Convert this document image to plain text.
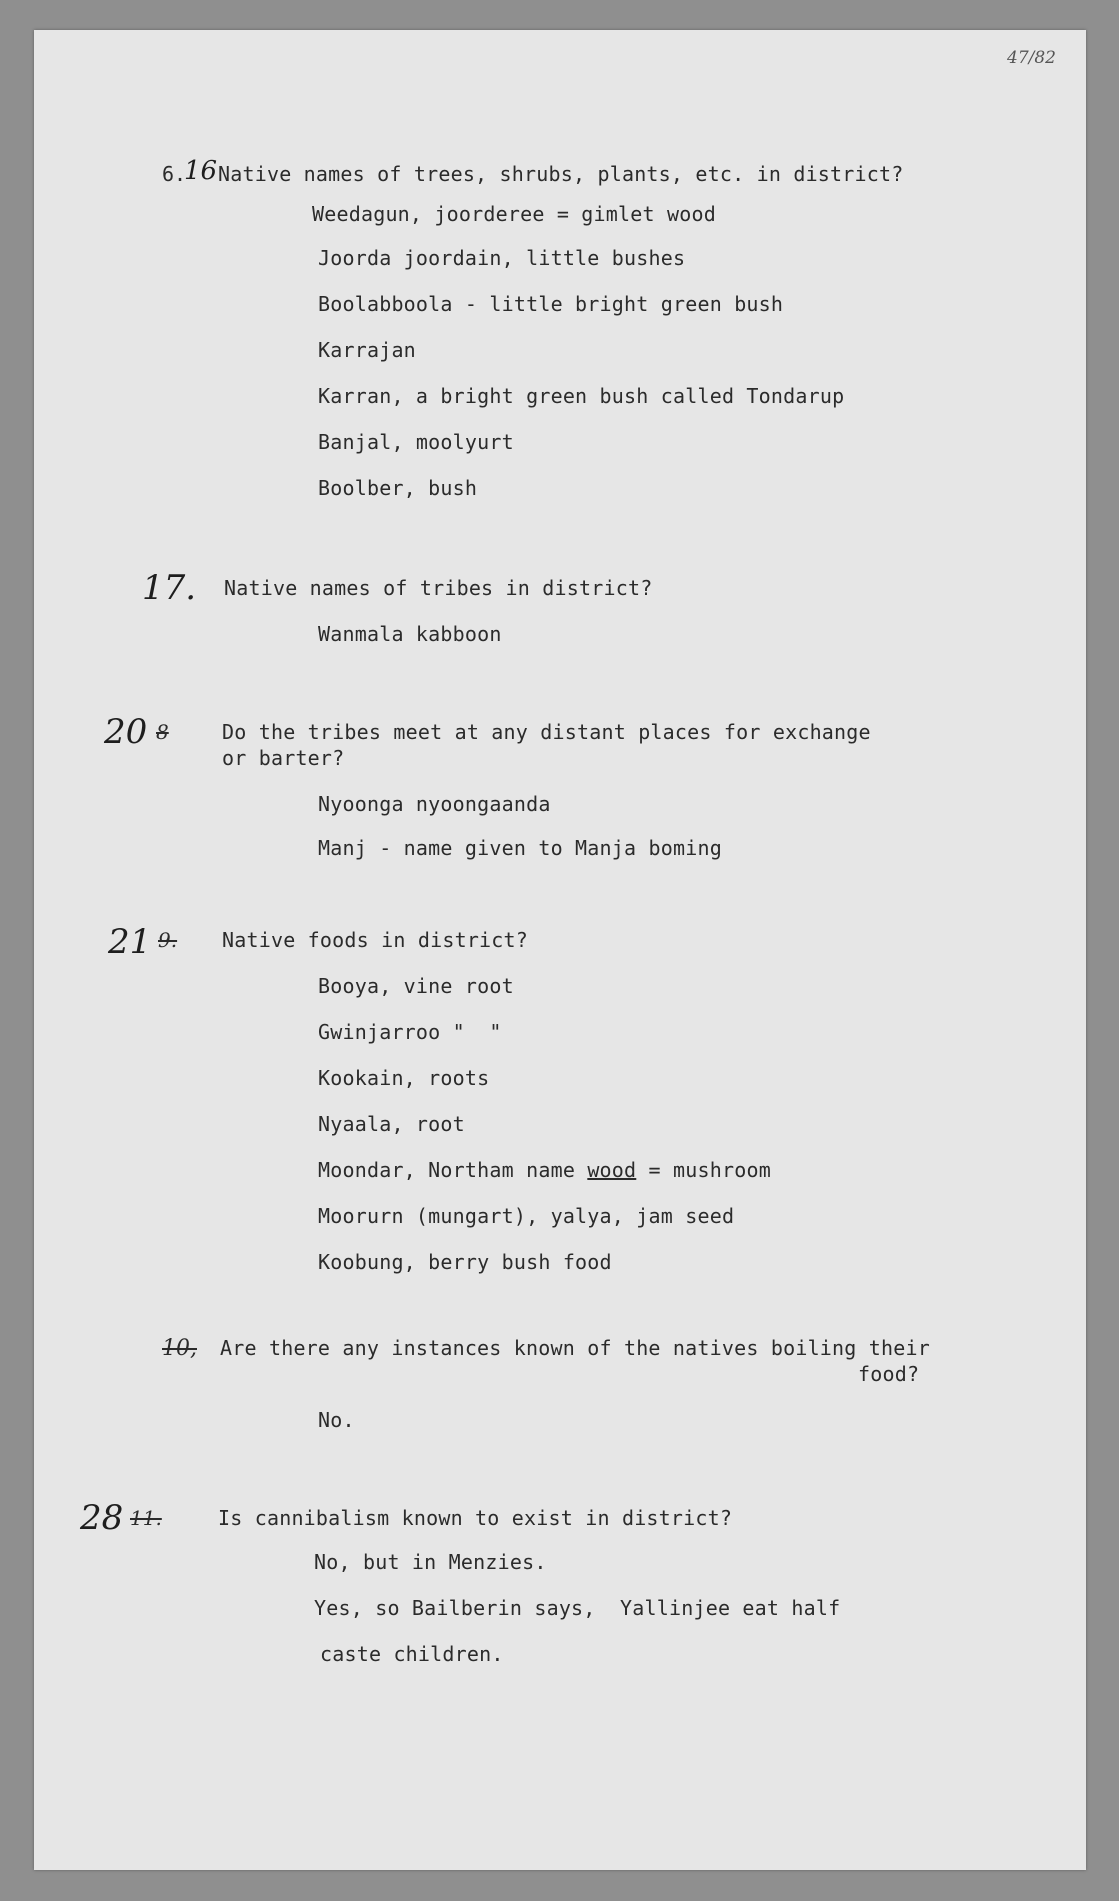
47/82
6.
16 Native names of trees, shrubs, plants, etc. in district?
Weedagun, joorderee = gimlet wood
Joorda joordain, little bushes
Boolabboola - little bright green bush
Karrajan
Karran, a bright green bush called Tondarup
Banjal, moolyurt
Boolber, bush
17. Native names of tribes in district?
Wanmala kabboon
20 8	Do the tribes meet at any distant places for exchange
or barter?
Nyoonga nyoongaanda
Manj - name given to Manja boming
21 9. Native foods in district?
Booya, vine root
Gwinjarroo "  "
Kookain, roots
Nyaala, root
Moondar, Northam name wood = mushroom
Moorurn (mungart), yalya, jam seed
Koobung, berry bush food
10, Are there any instances known of the natives boiling their
food?
No.
28 11.	Is cannibalism known to exist in district?
No, but in Menzies.
Yes, so Bailberin says,  Yallinjee eat half
caste children.
